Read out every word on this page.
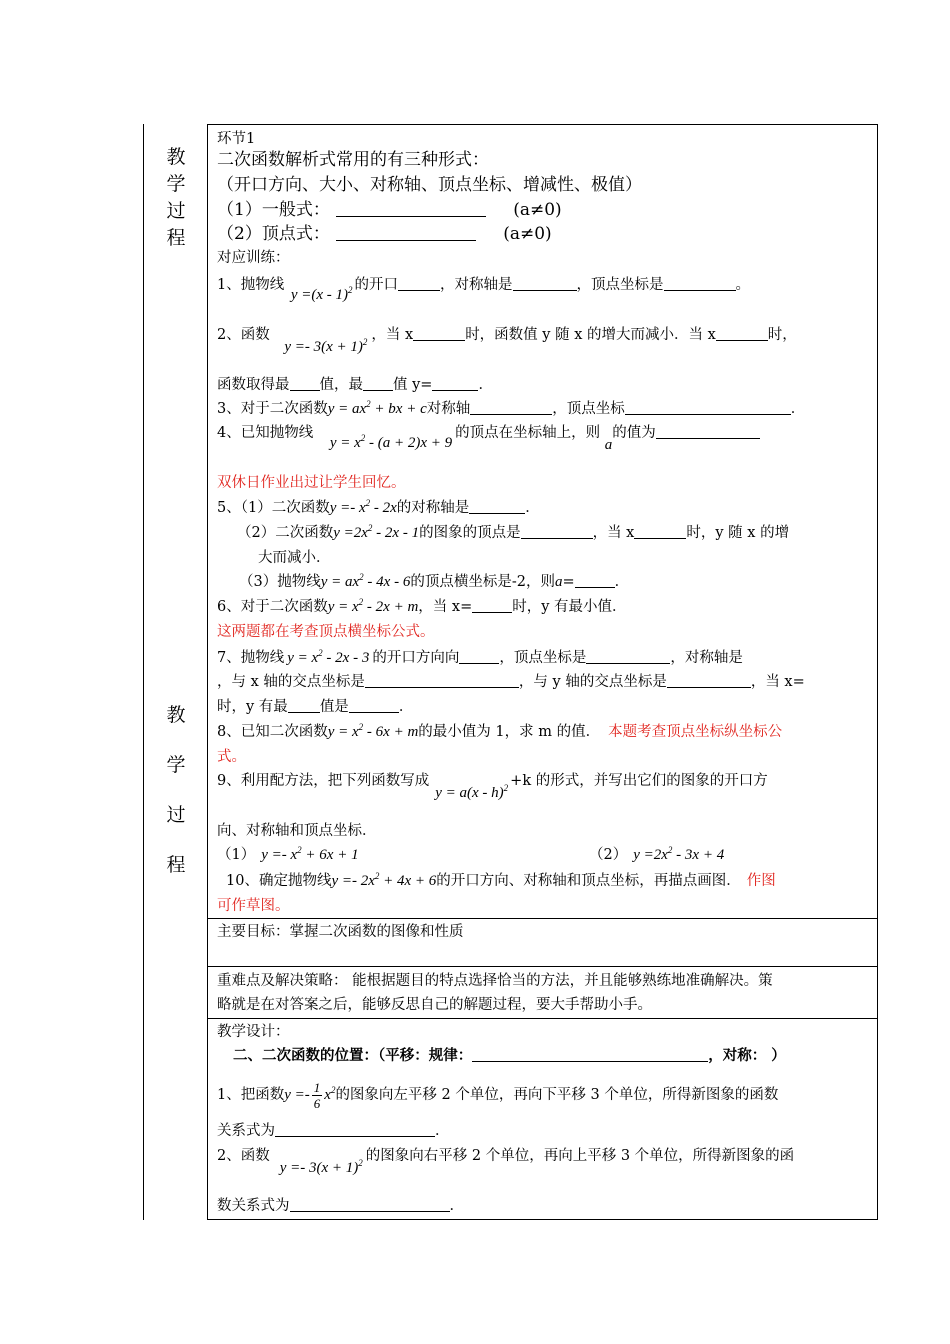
教
学
过
程
教
学
过
程
环节1
二次函数解析式常用的有三种形式：
（开口方向、大小、对称轴、顶点坐标、增减性、极值）
（1）一般式：	(a≠0)
（2）顶点式：	(a≠0)
对应训练：
1、抛物线 y =(x - 1)$^2$ 的开口	，对称轴是	，顶点坐标是	。
2、函数 $y =- 3(x + 1)^2$ ，当 x	时，函数值 y 随 x 的增大而减小．当 x	时，
函数取得最 值，最 值 y=	．
3、对于二次函数$y = ax^2$ + bx + c对称轴	，顶点坐标	．
4、已知抛物线 $y = x^2 - (a + 2)x + 9$的顶点在坐标轴上，则 a的值为
双休日作业出过让学生回忆。
5、（1）二次函数$y =- x^2 - 2x$的对称轴是	．
（2）二次函数$y =2x^2 - 2x - 1$的图象的顶点是	，当 x	时，y 随 x 的增
大而减小．
（3）抛物线$y = ax^2 - 4x - 6$的顶点横坐标是-2，则a=	．
6、对于二次函数$y = x^2 - 2x + m$，当 x=	时，y 有最小值．
这两题都在考查顶点横坐标公式。
7、抛物线 $y = x^2 - 2x - 3$ 的开口方向向	，顶点坐标是	，对称轴是
，与 x 轴的交点坐标是	，与 y 轴的交点坐标是	，当 x=
时，y 有最 值是	．
8、已知二次函数$y = x^2 - 6x + m$的最小值为 1，求 m 的值． 本题考查顶点坐标纵坐标公
式。
9、利用配方法，把下列函数写成y = a(x - h)$^2$ +k 的形式，并写出它们的图象的开口方
向、对称轴和顶点坐标．
（1） $y =- x^2 + 6x + 1$	（2） $y =2x^2 - 3x + 4$
10、确定抛物线$y =- 2x^2 + 4x + 6$的开口方向、对称轴和顶点坐标，再描点画图． 作图
可作草图。
主要目标：掌握二次函数的图像和性质
重难点及解决策略： 能根据题目的特点选择恰当的方法，并且能够熟练地准确解决。策
略就是在对答案之后，能够反思自己的解题过程，要大手帮助小手。
教学设计：
二、二次函数的位置：（平移：规律：	，对称： ）
1、把函数$y =- \frac{1}{6} x^2$的图象向左平移 2 个单位，再向下平移 3 个单位，所得新图象的函数
关系式为	．
2、函数$y =- 3(x + 1)^2$ 的图象向右平移 2 个单位，再向上平移 3 个单位，所得新图象的函
数关系式为	．
